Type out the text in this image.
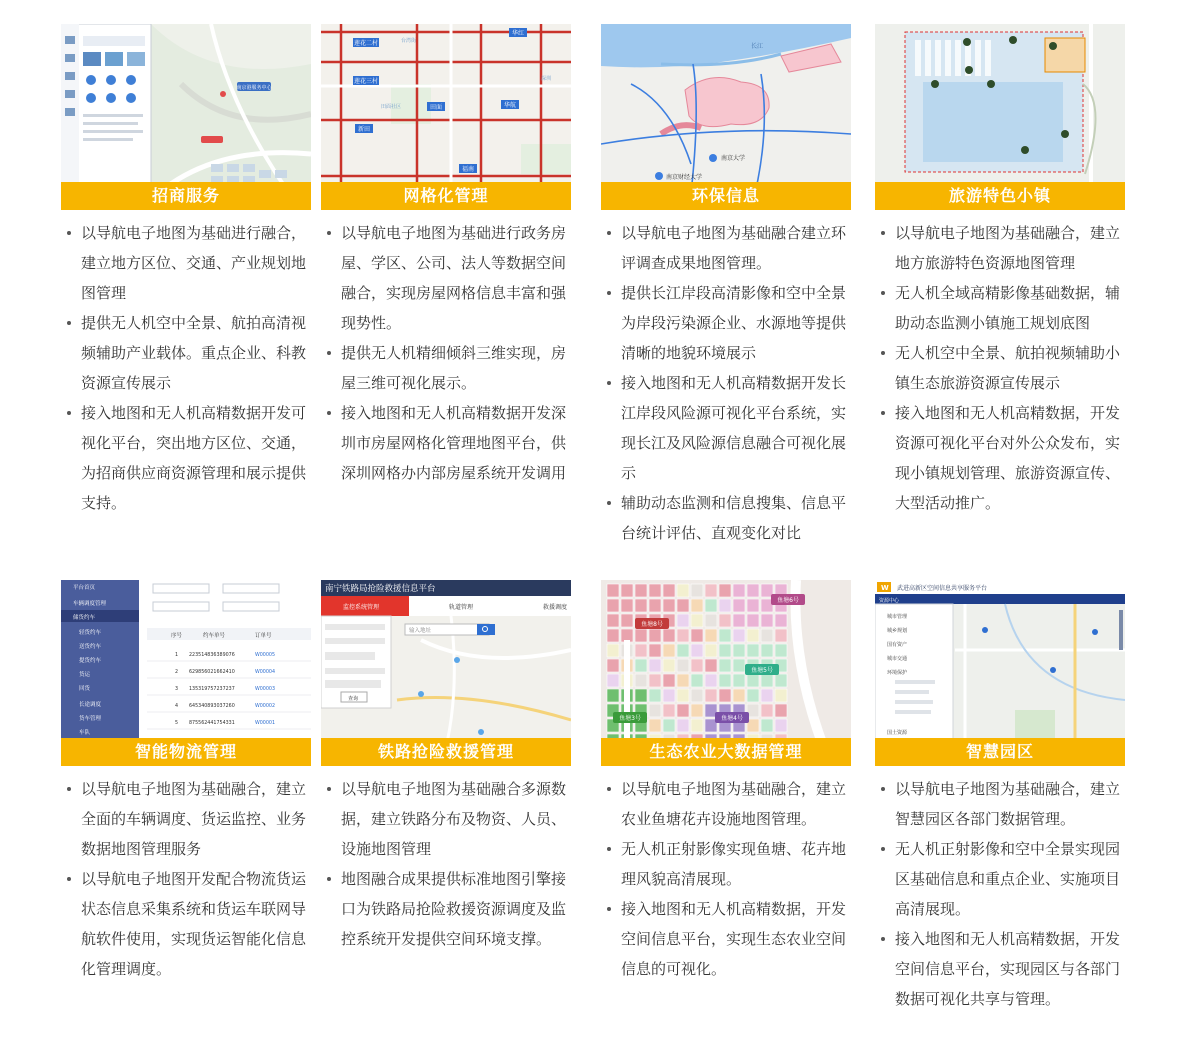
南京港服务中心
招商服务
以导航电子地图为基础进行融合，建立地方区位、交通、产业规划地图管理
提供无人机空中全景、航拍高清视频辅助产业载体。重点企业、科教资源宣传展示
接入地图和无人机高精数据开发可视化平台，突出地方区位、交通，为招商供应商资源管理和展示提供支持。
莲花二村
莲花三村
华红
华航
田面
新田
福南
台湾街
田面社区
深圳
网格化管理
以导航电子地图为基础进行政务房屋、学区、公司、法人等数据空间融合，实现房屋网格信息丰富和强现势性。
提供无人机精细倾斜三维实现，房屋三维可视化展示。
接入地图和无人机高精数据开发深圳市房屋网格化管理地图平台，供深圳网格办内部房屋系统开发调用
长江
南京大学
南京财经大学
环保信息
以导航电子地图为基础融合建立环评调查成果地图管理。
提供长江岸段高清影像和空中全景为岸段污染源企业、水源地等提供清晰的地貌环境展示
接入地图和无人机高精数据开发长江岸段风险源可视化平台系统，实现长江及风险源信息融合可视化展示
辅助动态监测和信息搜集、信息平台统计评估、直观变化对比
旅游特色小镇
以导航电子地图为基础融合，建立地方旅游特色资源地图管理
无人机全域高精影像基础数据，辅助动态监测小镇施工规划底图
无人机空中全景、航拍视频辅助小镇生态旅游资源宣传展示
接入地图和无人机高精数据，开发资源可视化平台对外公众发布，实现小镇规划管理、旅游资源宣传、大型活动推广。
平台首页
车辆调度管理
储货约车
轻货约车
送货约车
提货约车
货运
回货
长途调度
货车管理
车队
序号	约车单号	订单号
1 223514836389076	W00005
2 629856021662410	W00004
3 135319757237237	W00003
4 645340893037260	W00002
5 875562441754331	W00001
智能物流管理
以导航电子地图为基础融合，建立全面的车辆调度、货运监控、业务数据地图管理服务
以导航电子地图开发配合物流货运状态信息采集系统和货运车联网导航软件使用，实现货运智能化信息化管理调度。
南宁铁路局抢险救援信息平台
监控系统管理	轨道管理	救援调度
输入地址
查询
铁路抢险救援管理
以导航电子地图为基础融合多源数据，建立铁路分布及物资、人员、设施地图管理
地图融合成果提供标准地图引擎接口为铁路局抢险救援资源调度及监控系统开发提供空间环境支撑。
鱼塘8号
鱼塘6号
鱼塘5号
鱼塘3号	鱼塘4号
生态农业大数据管理
以导航电子地图为基础融合，建立农业鱼塘花卉设施地图管理。
无人机正射影像实现鱼塘、花卉地理风貌高清展现。
接入地图和无人机高精数据，开发空间信息平台，实现生态农业空间信息的可视化。
W 武进高新区空间信息共享服务平台
资源中心
城市管理
城乡规划
国有资产
城市交通
环境保护
国土资源
智慧园区
以导航电子地图为基础融合，建立智慧园区各部门数据管理。
无人机正射影像和空中全景实现园区基础信息和重点企业、实施项目高清展现。
接入地图和无人机高精数据，开发空间信息平台，实现园区与各部门数据可视化共享与管理。
